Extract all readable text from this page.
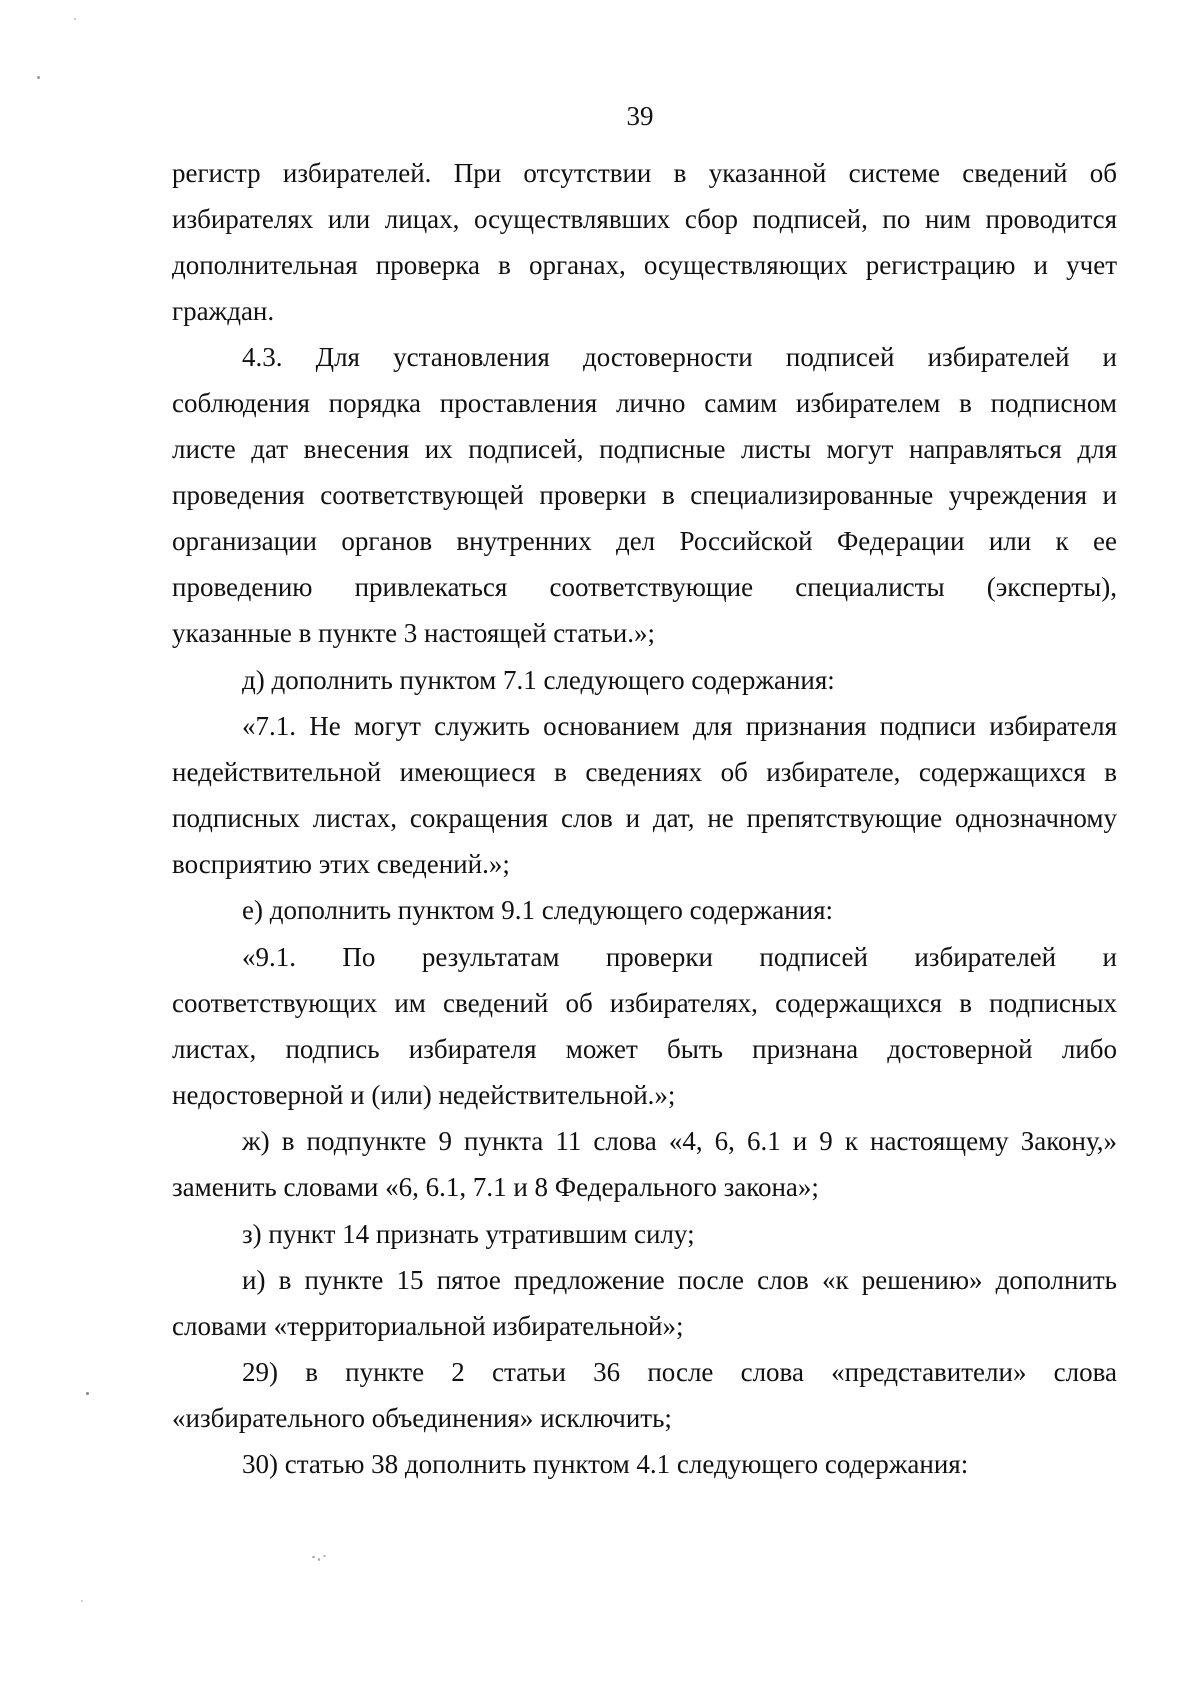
39
регистр избирателей. При отсутствии в указанной системе сведений об
избирателях или лицах, осуществлявших сбор подписей, по ним проводится
дополнительная проверка в органах, осуществляющих регистрацию и учет
граждан.
4.3. Для установления достоверности подписей избирателей и
соблюдения порядка проставления лично самим избирателем в подписном
листе дат внесения их подписей, подписные листы могут направляться для
проведения соответствующей проверки в специализированные учреждения и
организации органов внутренних дел Российской Федерации или к ее
проведению привлекаться соответствующие специалисты (эксперты),
указанные в пункте 3 настоящей статьи.»;
д) дополнить пунктом 7.1 следующего содержания:
«7.1. Не могут служить основанием для признания подписи избирателя
недействительной имеющиеся в сведениях об избирателе, содержащихся в
подписных листах, сокращения слов и дат, не препятствующие однозначному
восприятию этих сведений.»;
е) дополнить пунктом 9.1 следующего содержания:
«9.1. По результатам проверки подписей избирателей и
соответствующих им сведений об избирателях, содержащихся в подписных
листах, подпись избирателя может быть признана достоверной либо
недостоверной и (или) недействительной.»;
ж) в подпункте 9 пункта 11 слова «4, 6, 6.1 и 9 к настоящему Закону,»
заменить словами «6, 6.1, 7.1 и 8 Федерального закона»;
з) пункт 14 признать утратившим силу;
и) в пункте 15 пятое предложение после слов «к решению» дополнить
словами «территориальной избирательной»;
29) в пункте 2 статьи 36 после слова «представители» слова
«избирательного объединения» исключить;
30) статью 38 дополнить пунктом 4.1 следующего содержания:
